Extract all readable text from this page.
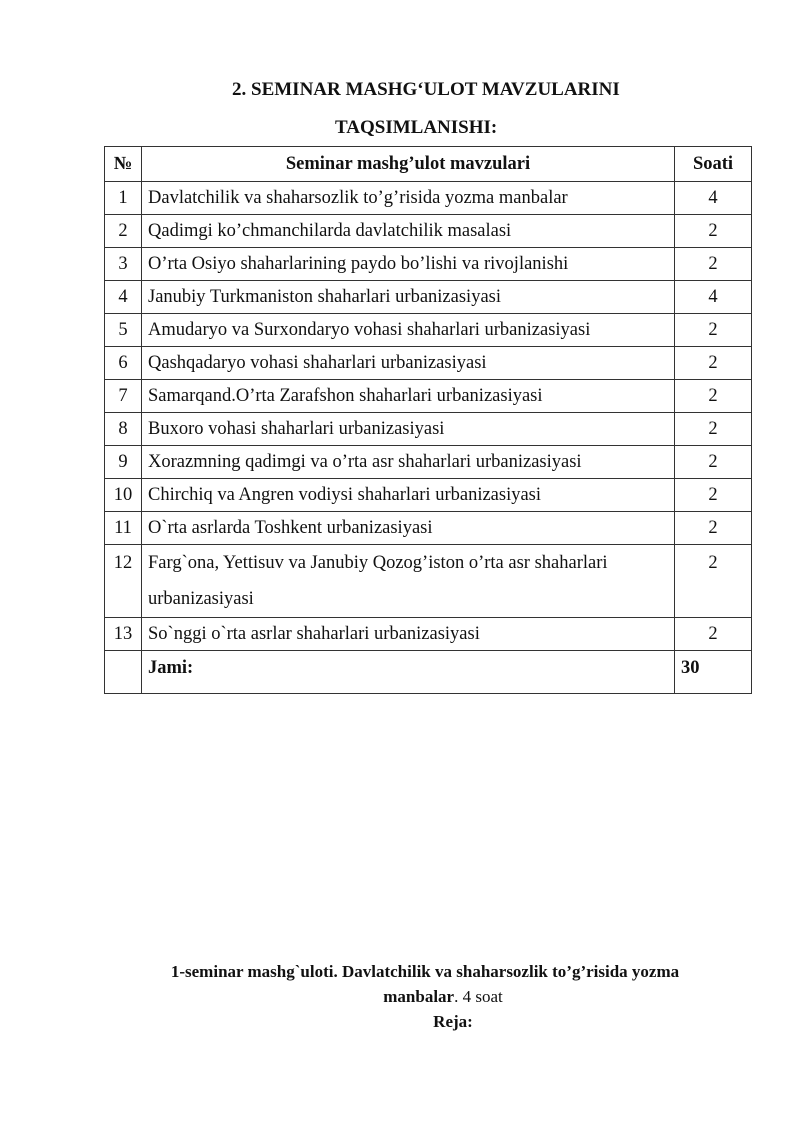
2. SEMINAR MASHG‘ULOT MAVZULARINI
TAQSIMLANISHI:
№	Seminar mashg’ulot mavzulari	Soati
1	Davlatchilik va shaharsozlik to’g’risida yozma manbalar	4
2	Qadimgi ko’chmanchilarda davlatchilik masalasi	2
3	O’rta Osiyo shaharlarining paydo bo’lishi va rivojlanishi	2
4	Janubiy Turkmaniston shaharlari urbanizasiyasi	4
5	Amudaryo va Surxondaryo vohasi shaharlari urbanizasiyasi	2
6	Qashqadaryo vohasi shaharlari urbanizasiyasi	2
7	Samarqand.O’rta Zarafshon shaharlari urbanizasiyasi	2
8	Buxoro vohasi shaharlari urbanizasiyasi	2
9	Xorazmning qadimgi va o’rta asr shaharlari urbanizasiyasi	2
10	Chirchiq va Angren vodiysi shaharlari urbanizasiyasi	2
11	O`rta asrlarda Toshkent urbanizasiyasi	2
12	Farg`ona, Yettisuv va Janubiy Qozog’iston o’rta asr shaharlari urbanizasiyasi	2
13	So`nggi o`rta asrlar shaharlari urbanizasiyasi	2
	Jami:	30
1-seminar mashg`uloti. Davlatchilik va shaharsozlik to’g’risida yozma
manbalar. 4 soat
Reja:
